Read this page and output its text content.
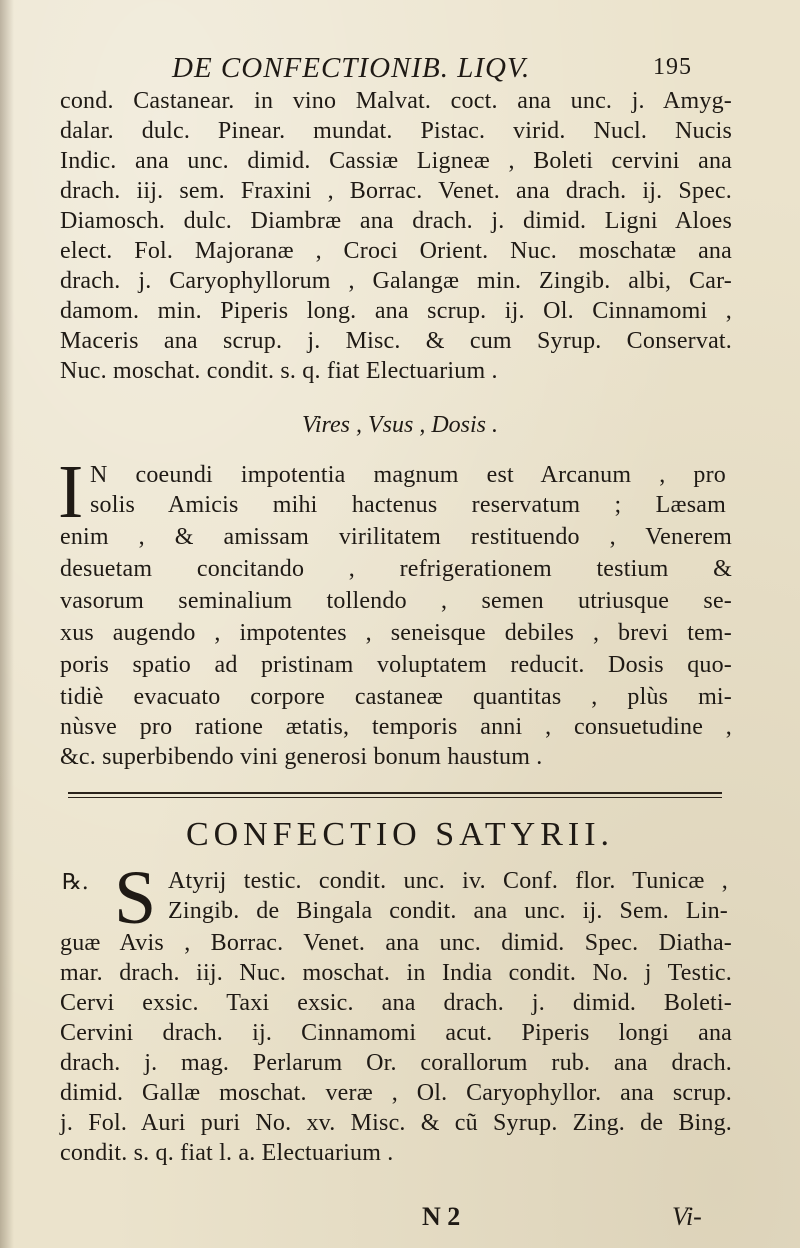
DE CONFECTIONIB. LIQV.	195
cond. Castanear. in vino Malvat. coct. ana unc. j. Amyg-
dalar. dulc. Pinear. mundat. Pistac. virid. Nucl. Nucis
Indic. ana unc. dimid. Cassiæ Ligneæ , Boleti cervini ana
drach. iij. sem. Fraxini , Borrac. Venet. ana drach. ij. Spec.
Diamosch. dulc. Diambræ ana drach. j. dimid. Ligni Aloes
elect. Fol. Majoranæ , Croci Orient. Nuc. moschatæ ana
drach. j. Caryophyllorum , Galangæ min. Zingib. albi, Car-
damom. min. Piperis long. ana scrup. ij. Ol. Cinnamomi ,
Maceris ana scrup. j. Misc. & cum Syrup. Conservat.
Nuc. moschat. condit. s. q. fiat Electuarium .
Vires , Vsus , Dosis .
I N coeundi impotentia magnum est Arcanum , pro
solis Amicis mihi hactenus reservatum ; Læsam
enim , & amissam virilitatem restituendo , Venerem
desuetam concitando , refrigerationem testium &
vasorum seminalium tollendo , semen utriusque se-
xus augendo , impotentes , seneisque debiles , brevi tem-
poris spatio ad pristinam voluptatem reducit. Dosis quo-
tidiè evacuato corpore castaneæ quantitas , plùs mi-
nùsve pro ratione ætatis, temporis anni , consuetudine ,
&c. superbibendo vini generosi bonum haustum .
CONFECTIO SATYRII.
℞. S Atyrij testic. condit. unc. iv. Conf. flor. Tunicæ ,
Zingib. de Bingala condit. ana unc. ij. Sem. Lin-
guæ Avis , Borrac. Venet. ana unc. dimid. Spec. Diatha-
mar. drach. iij. Nuc. moschat. in India condit. No. j Testic.
Cervi exsic. Taxi exsic. ana drach. j. dimid. Boleti-
Cervini drach. ij. Cinnamomi acut. Piperis longi ana
drach. j. mag. Perlarum Or. corallorum rub. ana drach.
dimid. Gallæ moschat. veræ , Ol. Caryophyllor. ana scrup.
j. Fol. Auri puri No. xv. Misc. & cũ Syrup. Zing. de Bing.
condit. s. q. fiat l. a. Electuarium .
N 2	Vi-
